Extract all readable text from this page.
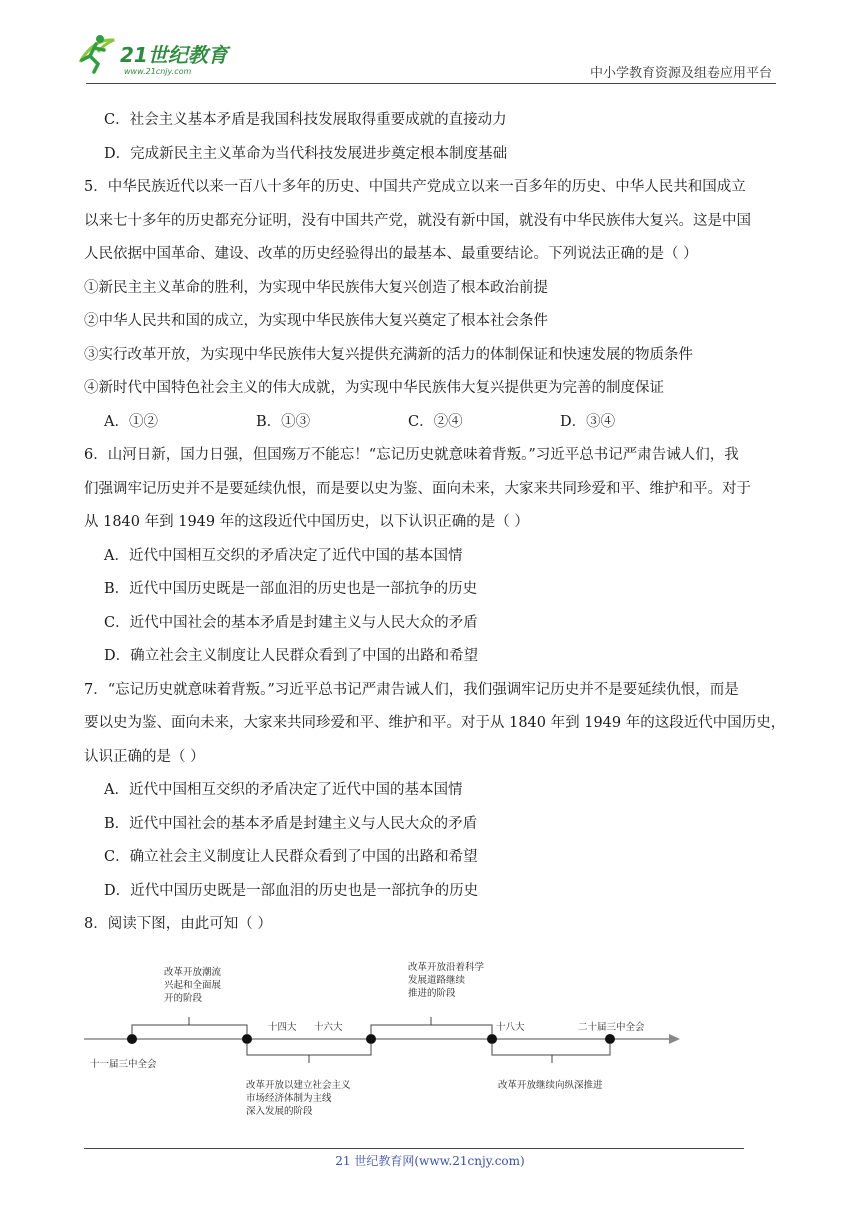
21世纪教育
www.21cnjy.com	中小学教育资源及组卷应用平台
C．社会主义基本矛盾是我国科技发展取得重要成就的直接动力
D．完成新民主主义革命为当代科技发展进步奠定根本制度基础
5．中华民族近代以来一百八十多年的历史、中国共产党成立以来一百多年的历史、中华人民共和国成立
以来七十多年的历史都充分证明，没有中国共产党，就没有新中国，就没有中华民族伟大复兴。这是中国
人民依据中国革命、建设、改革的历史经验得出的最基本、最重要结论。下列说法正确的是（ ）
①新民主主义革命的胜利，为实现中华民族伟大复兴创造了根本政治前提
②中华人民共和国的成立，为实现中华民族伟大复兴奠定了根本社会条件
③实行改革开放，为实现中华民族伟大复兴提供充满新的活力的体制保证和快速发展的物质条件
④新时代中国特色社会主义的伟大成就，为实现中华民族伟大复兴提供更为完善的制度保证
A．①②	B．①③	C．②④	D．③④
6．山河日新，国力日强，但国殇万不能忘！“忘记历史就意味着背叛。”习近平总书记严肃告诫人们，我
们强调牢记历史并不是要延续仇恨，而是要以史为鉴、面向未来，大家来共同珍爱和平、维护和平。对于
从 1840 年到 1949 年的这段近代中国历史，以下认识正确的是（ ）
A．近代中国相互交织的矛盾决定了近代中国的基本国情
B．近代中国历史既是一部血泪的历史也是一部抗争的历史
C．近代中国社会的基本矛盾是封建主义与人民大众的矛盾
D．确立社会主义制度让人民群众看到了中国的出路和希望
7．“忘记历史就意味着背叛。”习近平总书记严肃告诫人们，我们强调牢记历史并不是要延续仇恨，而是
要以史为鉴、面向未来，大家来共同珍爱和平、维护和平。对于从 1840 年到 1949 年的这段近代中国历史，
认识正确的是（ ）
A．近代中国相互交织的矛盾决定了近代中国的基本国情
B．近代中国社会的基本矛盾是封建主义与人民大众的矛盾
C．确立社会主义制度让人民群众看到了中国的出路和希望
D．近代中国历史既是一部血泪的历史也是一部抗争的历史
8．阅读下图，由此可知（ ）
十一届三中全会
十四大 十六大	十八大	二十届三中全会
改革开放潮流
兴起和全面展
开的阶段
改革开放以建立社会主义
市场经济体制为主线
深入发展的阶段
改革开放沿着科学
发展道路继续
推进的阶段
改革开放继续向纵深推进
21 世纪教育网(www.21cnjy.com)
